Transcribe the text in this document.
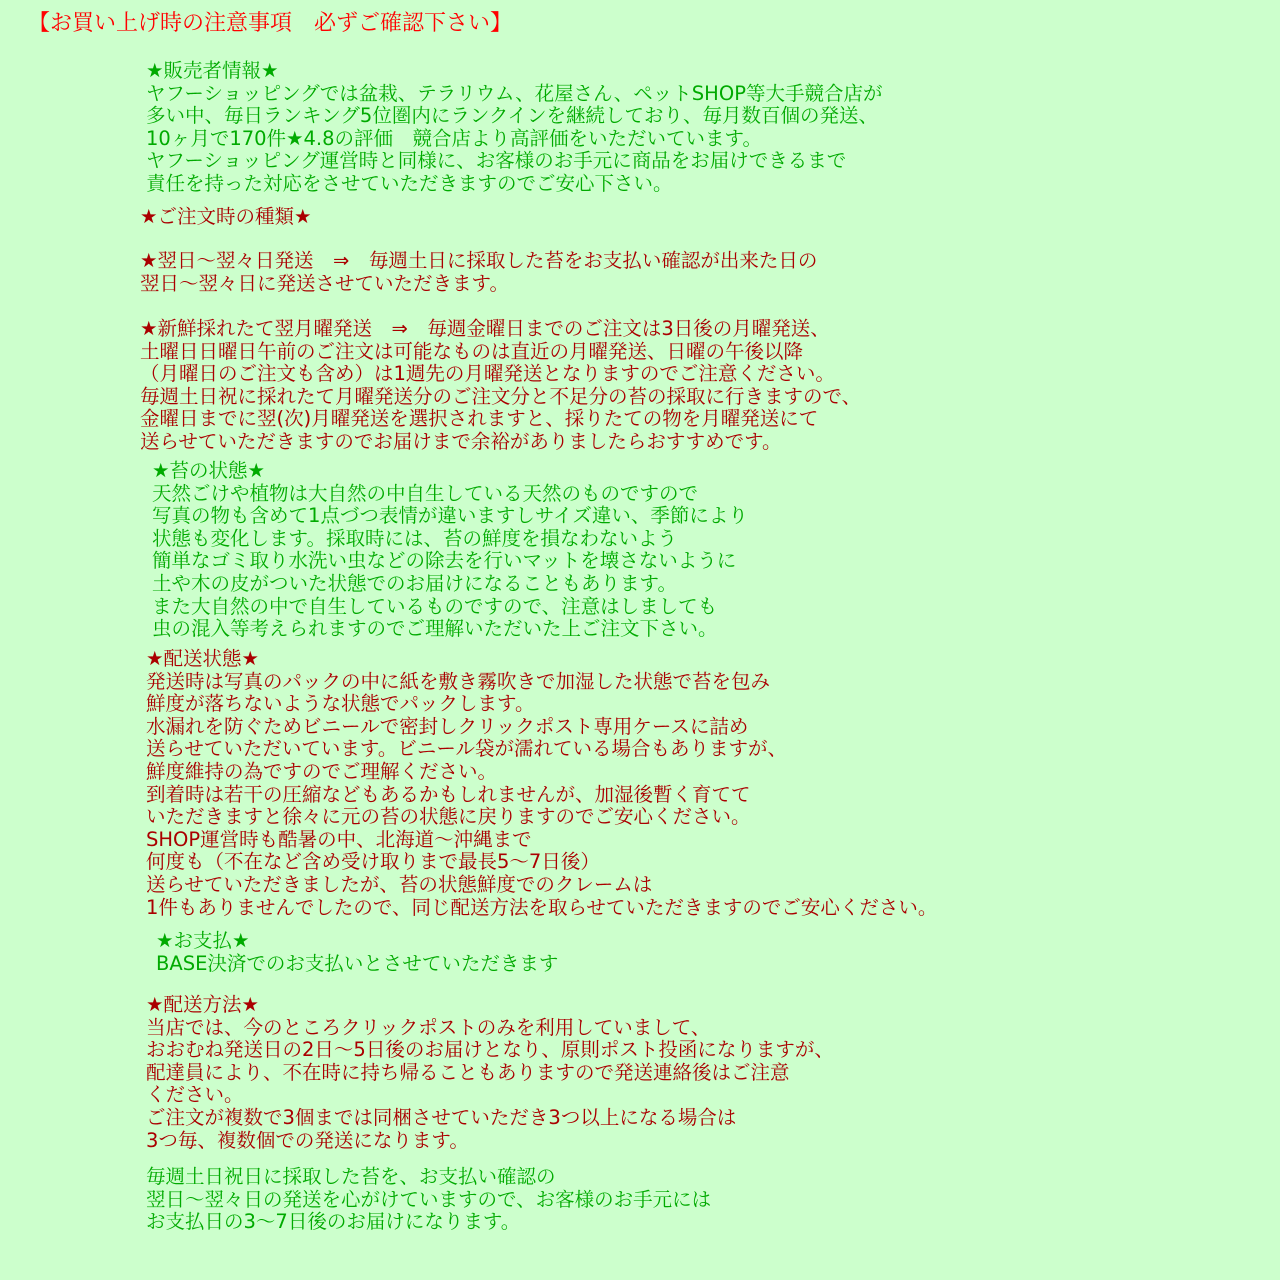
【お買い上げ時の注意事項　必ずご確認下さい】
★販売者情報★
ヤフーショッピングでは盆栽、テラリウム、花屋さん、ペットSHOP等大手競合店が
多い中、毎日ランキング5位圏内にランクインを継続しており、毎月数百個の発送、
10ヶ月で170件★4.8の評価　競合店より高評価をいただいています。
ヤフーショッピング運営時と同様に、お客様のお手元に商品をお届けできるまで
責任を持った対応をさせていただきますのでご安心下さい。
★ご注文時の種類★
★翌日～翌々日発送　⇒　毎週土日に採取した苔をお支払い確認が出来た日の
翌日～翌々日に発送させていただきます。
★新鮮採れたて翌月曜発送　⇒　毎週金曜日までのご注文は3日後の月曜発送、
土曜日日曜日午前のご注文は可能なものは直近の月曜発送、日曜の午後以降
（月曜日のご注文も含め）は1週先の月曜発送となりますのでご注意ください。
毎週土日祝に採れたて月曜発送分のご注文分と不足分の苔の採取に行きますので、
金曜日までに翌(次)月曜発送を選択されますと、採りたての物を月曜発送にて
送らせていただきますのでお届けまで余裕がありましたらおすすめです。
★苔の状態★
天然ごけや植物は大自然の中自生している天然のものですので
写真の物も含めて1点づつ表情が違いますしサイズ違い、季節により
状態も変化します。採取時には、苔の鮮度を損なわないよう
簡単なゴミ取り水洗い虫などの除去を行いマットを壊さないように
土や木の皮がついた状態でのお届けになることもあります。
また大自然の中で自生しているものですので、注意はしましても
虫の混入等考えられますのでご理解いただいた上ご注文下さい。
★配送状態★
発送時は写真のパックの中に紙を敷き霧吹きで加湿した状態で苔を包み
鮮度が落ちないような状態でパックします。
水漏れを防ぐためビニールで密封しクリックポスト専用ケースに詰め
送らせていただいています。ビニール袋が濡れている場合もありますが、
鮮度維持の為ですのでご理解ください。
到着時は若干の圧縮などもあるかもしれませんが、加湿後暫く育てて
いただきますと徐々に元の苔の状態に戻りますのでご安心ください。
SHOP運営時も酷暑の中、北海道～沖縄まで
何度も（不在など含め受け取りまで最長5～7日後）
送らせていただきましたが、苔の状態鮮度でのクレームは
1件もありませんでしたので、同じ配送方法を取らせていただきますのでご安心ください。
★お支払★
BASE決済でのお支払いとさせていただきます
★配送方法★
当店では、今のところクリックポストのみを利用していまして、
おおむね発送日の2日～5日後のお届けとなり、原則ポスト投函になりますが、
配達員により、不在時に持ち帰ることもありますので発送連絡後はご注意
ください。
ご注文が複数で3個までは同梱させていただき3つ以上になる場合は
3つ毎、複数個での発送になります。
毎週土日祝日に採取した苔を、お支払い確認の
翌日～翌々日の発送を心がけていますので、お客様のお手元には
お支払日の3～7日後のお届けになります。
